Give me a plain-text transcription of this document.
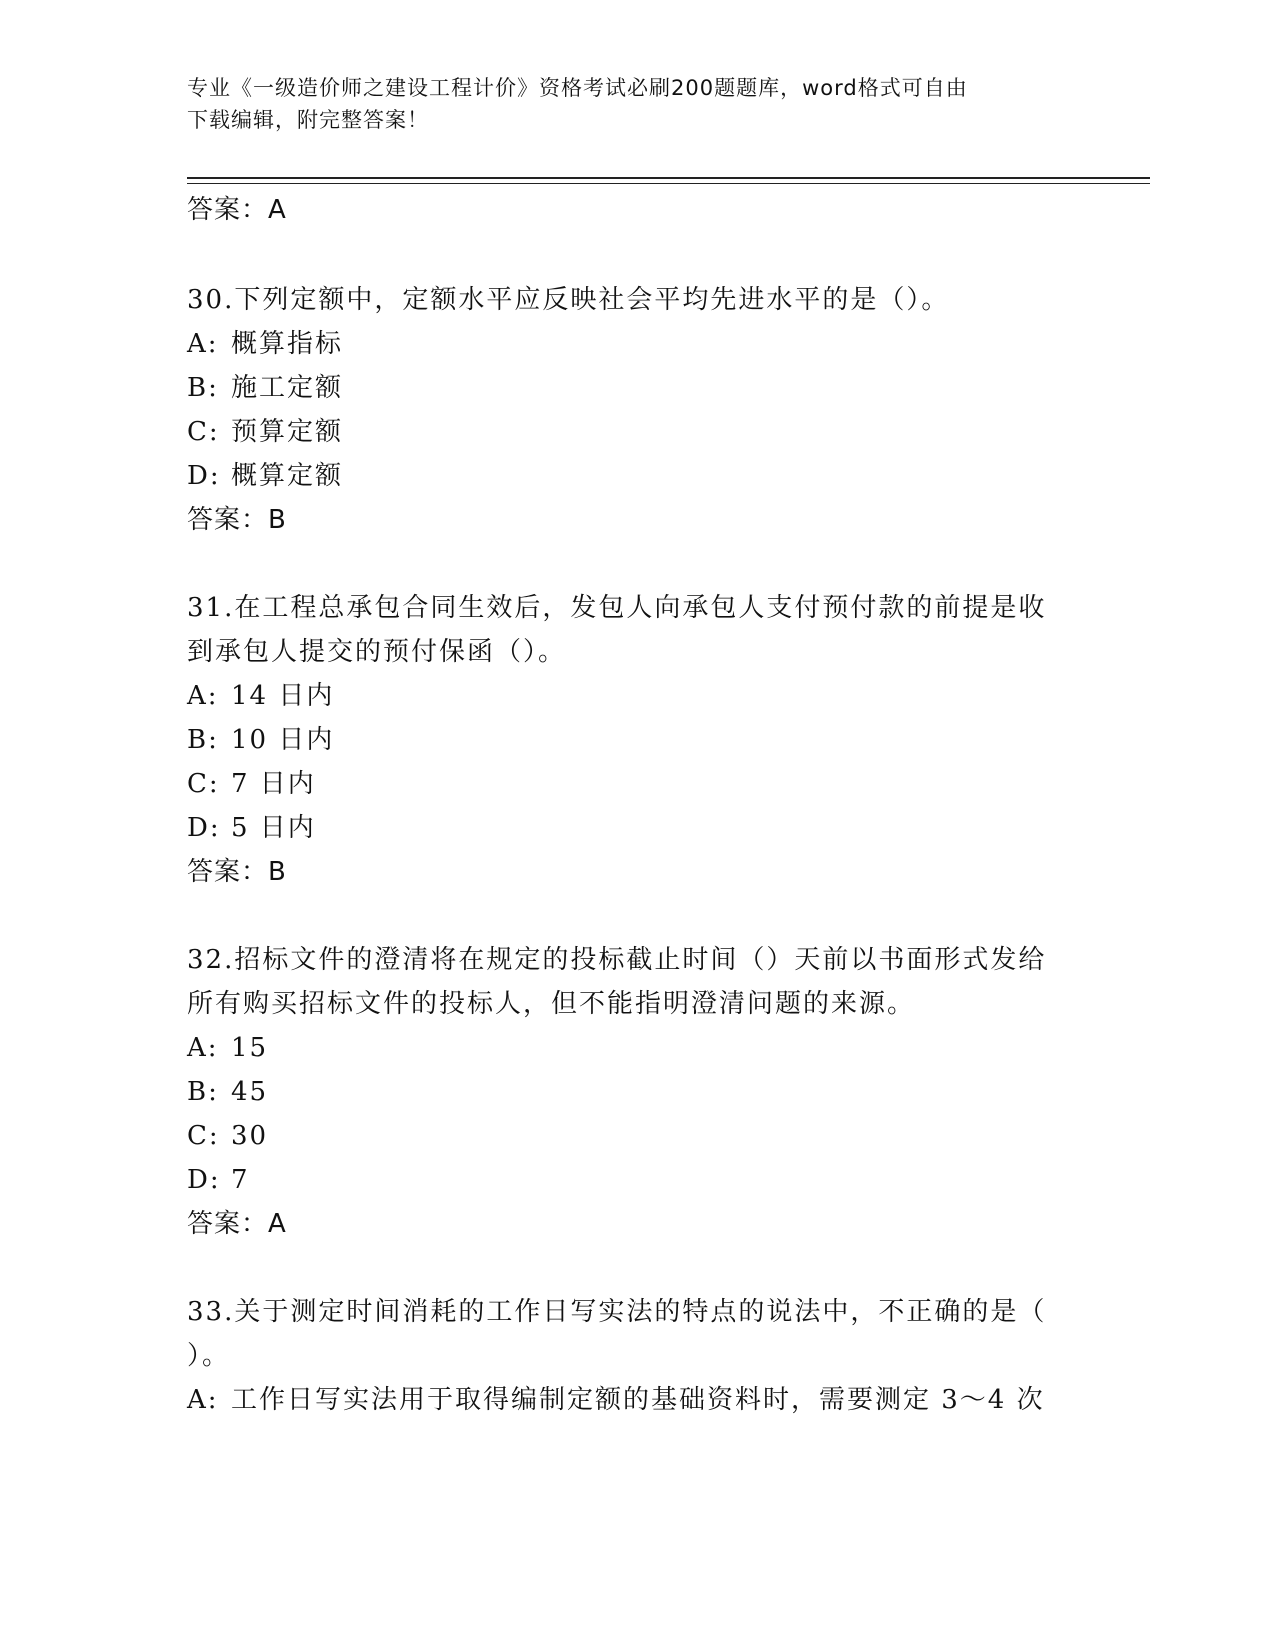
专业《一级造价师之建设工程计价》资格考试必刷200题题库，word格式可自由
下载编辑，附完整答案！
答案：A
30.下列定额中，定额水平应反映社会平均先进水平的是（）。
A: 概算指标
B: 施工定额
C: 预算定额
D: 概算定额
答案：B
31.在工程总承包合同生效后，发包人向承包人支付预付款的前提是收
到承包人提交的预付保函（）。
A: 14 日内
B: 10 日内
C: 7 日内
D: 5 日内
答案：B
32.招标文件的澄清将在规定的投标截止时间（）天前以书面形式发给
所有购买招标文件的投标人，但不能指明澄清问题的来源。
A: 15
B: 45
C: 30
D: 7
答案：A
33.关于测定时间消耗的工作日写实法的特点的说法中，不正确的是（
）。
A: 工作日写实法用于取得编制定额的基础资料时，需要测定 3～4 次
